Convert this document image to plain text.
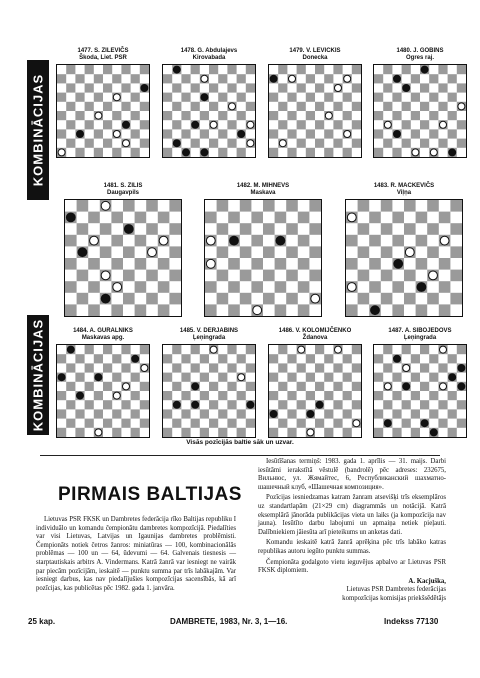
KOMBINĀCIJAS
KOMBINĀCIJAS
1477. S. ZILEVIČS
Škoda, Liet. PSR
1478. G. Abdulajevs
Kirovabada
1479. V. LEVICKIS
Donecka
1480. J. GOBINS
Ogres raj.
1481. S. ZILIS
Daugavpils
1482. M. MIHNEVS
Maskava
1483. R. MACKEVIČS
Viļņa
1484. A. GURALNIKS
Maskavas apg.
1485. V. DERJABINS
Ļeņingrada
1486. V. KOLOMIJČENKO
Ždanova
1487. A. SIBOJEDOVS
Ļeņingrada
Visās pozīcijās baltie sāk un uzvar.
PIRMAIS BALTIJAS

Lietuvas PSR FKSK un Dambretes federācija rīko Baltijas republiku I individuālo un komandu čempionātu dambretes kompozīcijā. Piedalīties var visi Lietuvas, Latvijas un Igaunijas dambretes problēmisti. Čempionāts notiek četros žanros: miniatūras — 100, kombinacionālās problēmas — 100 un — 64, ūdevumi — 64. Galvenais tiesnesis — starptautiskais arbitrs A. Vindermans. Katrā žanrā var iesniegt ne vairāk par piecām pozīcijām, ieskaitē — punktu summa par trīs labākajām. Var iesniegt darbus, kas nav piedalījušies kompozīcijas sacensībās, kā arī pozīcijas, kas publicētas pēc 1982. gada 1. janvāra.

Iesūtīšanas termiņš: 1983. gada 1. aprīlis — 31. maijs. Darbi iesūtāmi ierakstītā vēstulē (bandrolē) pēc adreses: 232675, Вильнюс, ул. Жямайтес, 6, Республиканский шахматно-шашечный клуб, «Шашечная композиция».

Pozīcijas iesniedzamas katram žanram atsevišķi trīs eksemplāros uz standartlapām (21×29 cm) diagrammās un notācijā. Katrā eksemplārā jānorāda publikācijas vieta un laiks (ja kompozīcija nav jauna). Iesūtīto darbu labojumi un apmaiņa netiek pieļauti. Dalībniekiem jāiesūta arī pieteikums un anketas dati.

Komandu ieskaitē katrā žanrā aprēķina pēc trīs labāko katras republikas autoru iegūto punktu summas.

Čempionāta godalgoto vietu ieguvējus apbalvo ar Lietuvas PSR FKSK diplomiem.

A. Kacjuška,

Lietuvas PSR Dambretes federācijas

kompozīcijas komisijas priekšsēdētājs

25 kap.	DAMBRETE, 1983, Nr. 3, 1—16.	Indekss 77130
